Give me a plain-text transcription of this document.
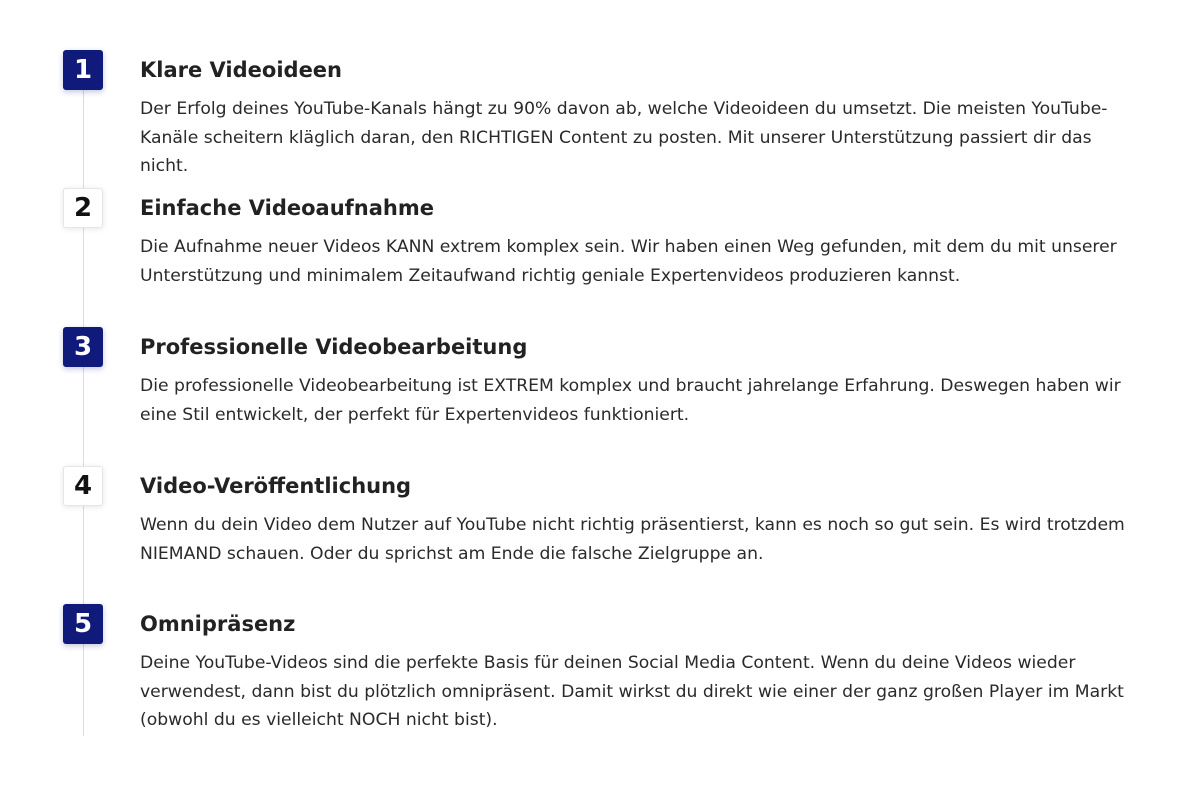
1	Klare Videoideen

Der Erfolg deines YouTube-Kanals hängt zu 90% davon ab, welche Videoideen du umsetzt. Die meisten YouTube-Kanäle scheitern kläglich daran, den RICHTIGEN Content zu posten. Mit unserer Unterstützung passiert dir das nicht.

2	Einfache Videoaufnahme

Die Aufnahme neuer Videos KANN extrem komplex sein. Wir haben einen Weg gefunden, mit dem du mit unserer Unterstützung und minimalem Zeitaufwand richtig geniale Expertenvideos produzieren kannst.

3	Professionelle Videobearbeitung

Die professionelle Videobearbeitung ist EXTREM komplex und braucht jahrelange Erfahrung. Deswegen haben wir eine Stil entwickelt, der perfekt für Expertenvideos funktioniert.

4	Video-Veröffentlichung

Wenn du dein Video dem Nutzer auf YouTube nicht richtig präsentierst, kann es noch so gut sein. Es wird trotzdem NIEMAND schauen. Oder du sprichst am Ende die falsche Zielgruppe an.

5	Omnipräsenz

Deine YouTube-Videos sind die perfekte Basis für deinen Social Media Content. Wenn du deine Videos wieder verwendest, dann bist du plötzlich omnipräsent. Damit wirkst du direkt wie einer der ganz großen Player im Markt (obwohl du es vielleicht NOCH nicht bist).
